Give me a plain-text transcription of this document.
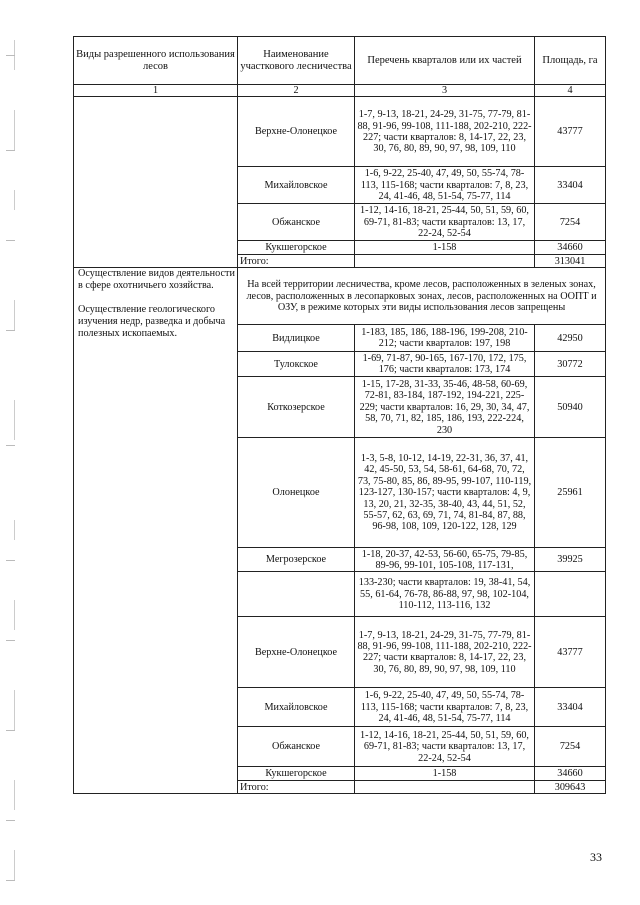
Виды разрешенного использования лесов	Наименование участкового лесничества	Перечень кварталов или их частей	Площадь, га
1	2	3	4
	Верхне-Олонецкое	1-7, 9-13, 18-21, 24-29, 31-75, 77-79, 81-88, 91-96, 99-108, 111-188, 202-210, 222-227; части кварталов: 8, 14-17, 22, 23, 30, 76, 80, 89, 90, 97, 98, 109, 110	43777
	Михайловское	1-6, 9-22, 25-40, 47, 49, 50, 55-74, 78-113, 115-168; части кварталов: 7, 8, 23, 24, 41-46, 48, 51-54, 75-77, 114	33404
	Обжанское	1-12, 14-16, 18-21, 25-44, 50, 51, 59, 60, 69-71, 81-83; части кварталов: 13, 17, 22-24, 52-54	7254
	Кукшегорское	1-158	34660
	Итого:		313041

Осуществление видов деятельности в сфере охотничьего хозяйства.
Осуществление геологического изучения недр, разведка и добыча полезных ископаемых.	На всей территории лесничества, кроме лесов, расположенных в зеленых зонах, лесов, расположенных в лесопарковых зонах, лесов, расположенных на ООПТ и ОЗУ, в режиме которых эти виды использования лесов запрещены		
	Видлицкое	1-183, 185, 186, 188-196, 199-208, 210-212; части кварталов: 197, 198	42950
	Тулокское	1-69, 71-87, 90-165, 167-170, 172, 175, 176; части кварталов: 173, 174	30772
	Коткозерское	1-15, 17-28, 31-33, 35-46, 48-58, 60-69, 72-81, 83-184, 187-192, 194-221, 225-229; части кварталов: 16, 29, 30, 34, 47, 58, 70, 71, 82, 185, 186, 193, 222-224, 230	50940
	Олонецкое	1-3, 5-8, 10-12, 14-19, 22-31, 36, 37, 41, 42, 45-50, 53, 54, 58-61, 64-68, 70, 72, 73, 75-80, 85, 86, 89-95, 99-107, 110-119, 123-127, 130-157; части кварталов: 4, 9, 13, 20, 21, 32-35, 38-40, 43, 44, 51, 52, 55-57, 62, 63, 69, 71, 74, 81-84, 87, 88, 96-98, 108, 109, 120-122, 128, 129	25961
	Мегрозерское	1-18, 20-37, 42-53, 56-60, 65-75, 79-85, 89-96, 99-101, 105-108, 117-131,	39925
		133-230; части кварталов: 19, 38-41, 54, 55, 61-64, 76-78, 86-88, 97, 98, 102-104, 110-112, 113-116, 132	
	Верхне-Олонецкое	1-7, 9-13, 18-21, 24-29, 31-75, 77-79, 81-88, 91-96, 99-108, 111-188, 202-210, 222-227; части кварталов: 8, 14-17, 22, 23, 30, 76, 80, 89, 90, 97, 98, 109, 110	43777
	Михайловское	1-6, 9-22, 25-40, 47, 49, 50, 55-74, 78-113, 115-168; части кварталов: 7, 8, 23, 24, 41-46, 48, 51-54, 75-77, 114	33404
	Обжанское	1-12, 14-16, 18-21, 25-44, 50, 51, 59, 60, 69-71, 81-83; части кварталов: 13, 17, 22-24, 52-54	7254
	Кукшегорское	1-158	34660
	Итого:		309643
33
